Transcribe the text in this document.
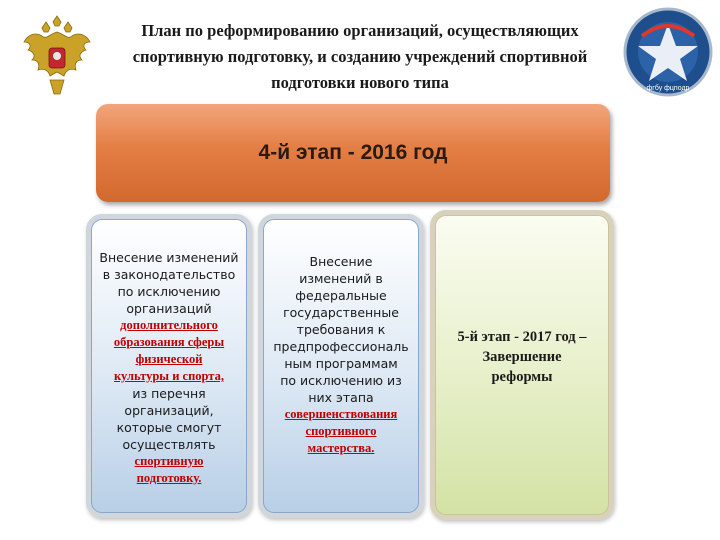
фгбу фцподр
План по реформированию организаций, осуществляющих
спортивную подготовку, и созданию учреждений спортивной
подготовки нового типа
4-й этап - 2016 год
Внесение изменений
в законодательство
по исключению
организаций
дополнительного
образования сферы
физической
культуры и спорта,
из перечня
организаций,
которые смогут
осуществлять
спортивную
подготовку.
Внесение
изменений в
федеральные
государственные
требования к
предпрофессиональ
ным программам
по исключению из
них этапа
совершенствования
спортивного
мастерства.
5-й этап - 2017 год –
Завершение
реформы
